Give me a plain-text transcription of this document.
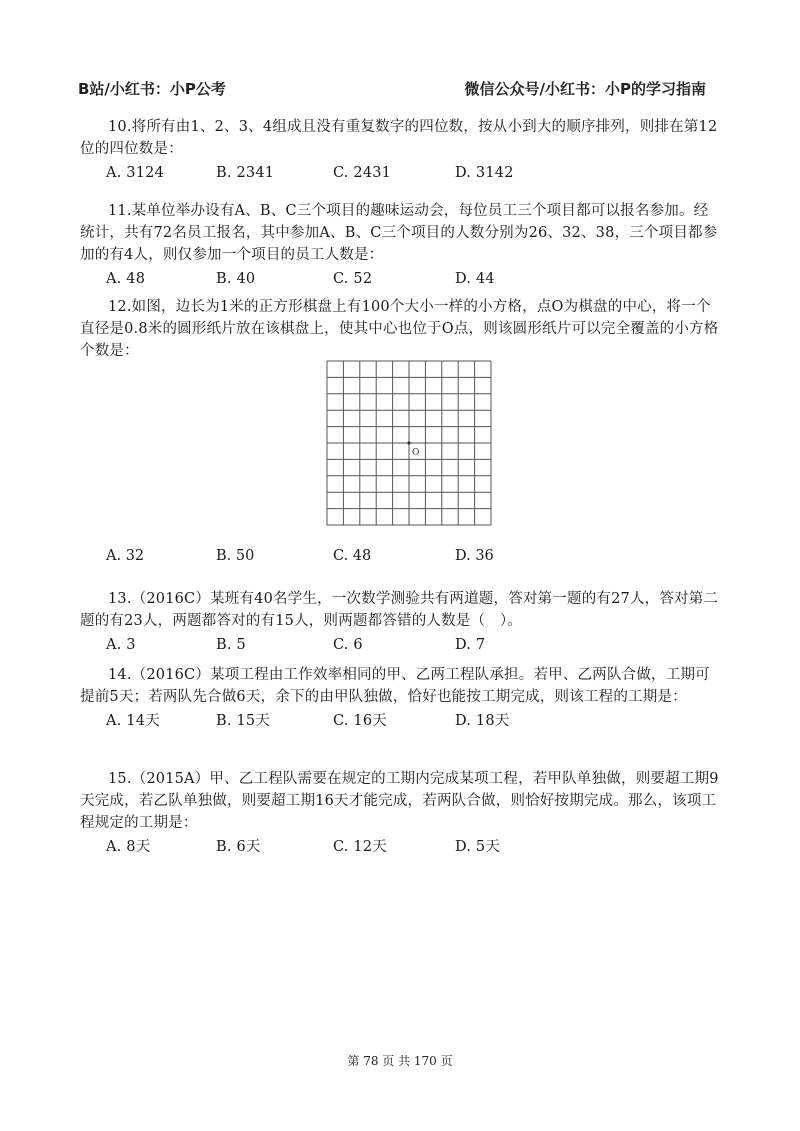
B站/小红书：小P公考	微信公众号/小红书：小P的学习指南

10.将所有由1、2、3、4组成且没有重复数字的四位数，按从小到大的顺序排列，则排在第12位的四位数是：

A. 3124	B. 2341	C. 2431	D. 3142

11.某单位举办设有A、B、C三个项目的趣味运动会，每位员工三个项目都可以报名参加。经统计，共有72名员工报名，其中参加A、B、C三个项目的人数分别为26、32、38，三个项目都参加的有4人，则仅参加一个项目的员工人数是：

A. 48	B. 40	C. 52	D. 44

12.如图，边长为1米的正方形棋盘上有100个大小一样的小方格，点O为棋盘的中心，将一个直径是0.8米的圆形纸片放在该棋盘上，使其中心也位于O点，则该圆形纸片可以完全覆盖的小方格个数是：

O
A. 32	B. 50	C. 48	D. 36

13.（2016C）某班有40名学生，一次数学测验共有两道题，答对第一题的有27人，答对第二题的有23人，两题都答对的有15人，则两题都答错的人数是（　）。

A. 3	B. 5	C. 6	D. 7

14.（2016C）某项工程由工作效率相同的甲、乙两工程队承担。若甲、乙两队合做，工期可提前5天；若两队先合做6天，余下的由甲队独做，恰好也能按工期完成，则该工程的工期是：

A. 14天	B. 15天	C. 16天	D. 18天

15.（2015A）甲、乙工程队需要在规定的工期内完成某项工程，若甲队单独做，则要超工期9天完成，若乙队单独做，则要超工期16天才能完成，若两队合做，则恰好按期完成。那么，该项工程规定的工期是：

A. 8天	B. 6天	C. 12天	D. 5天
第 78 页 共 170 页
